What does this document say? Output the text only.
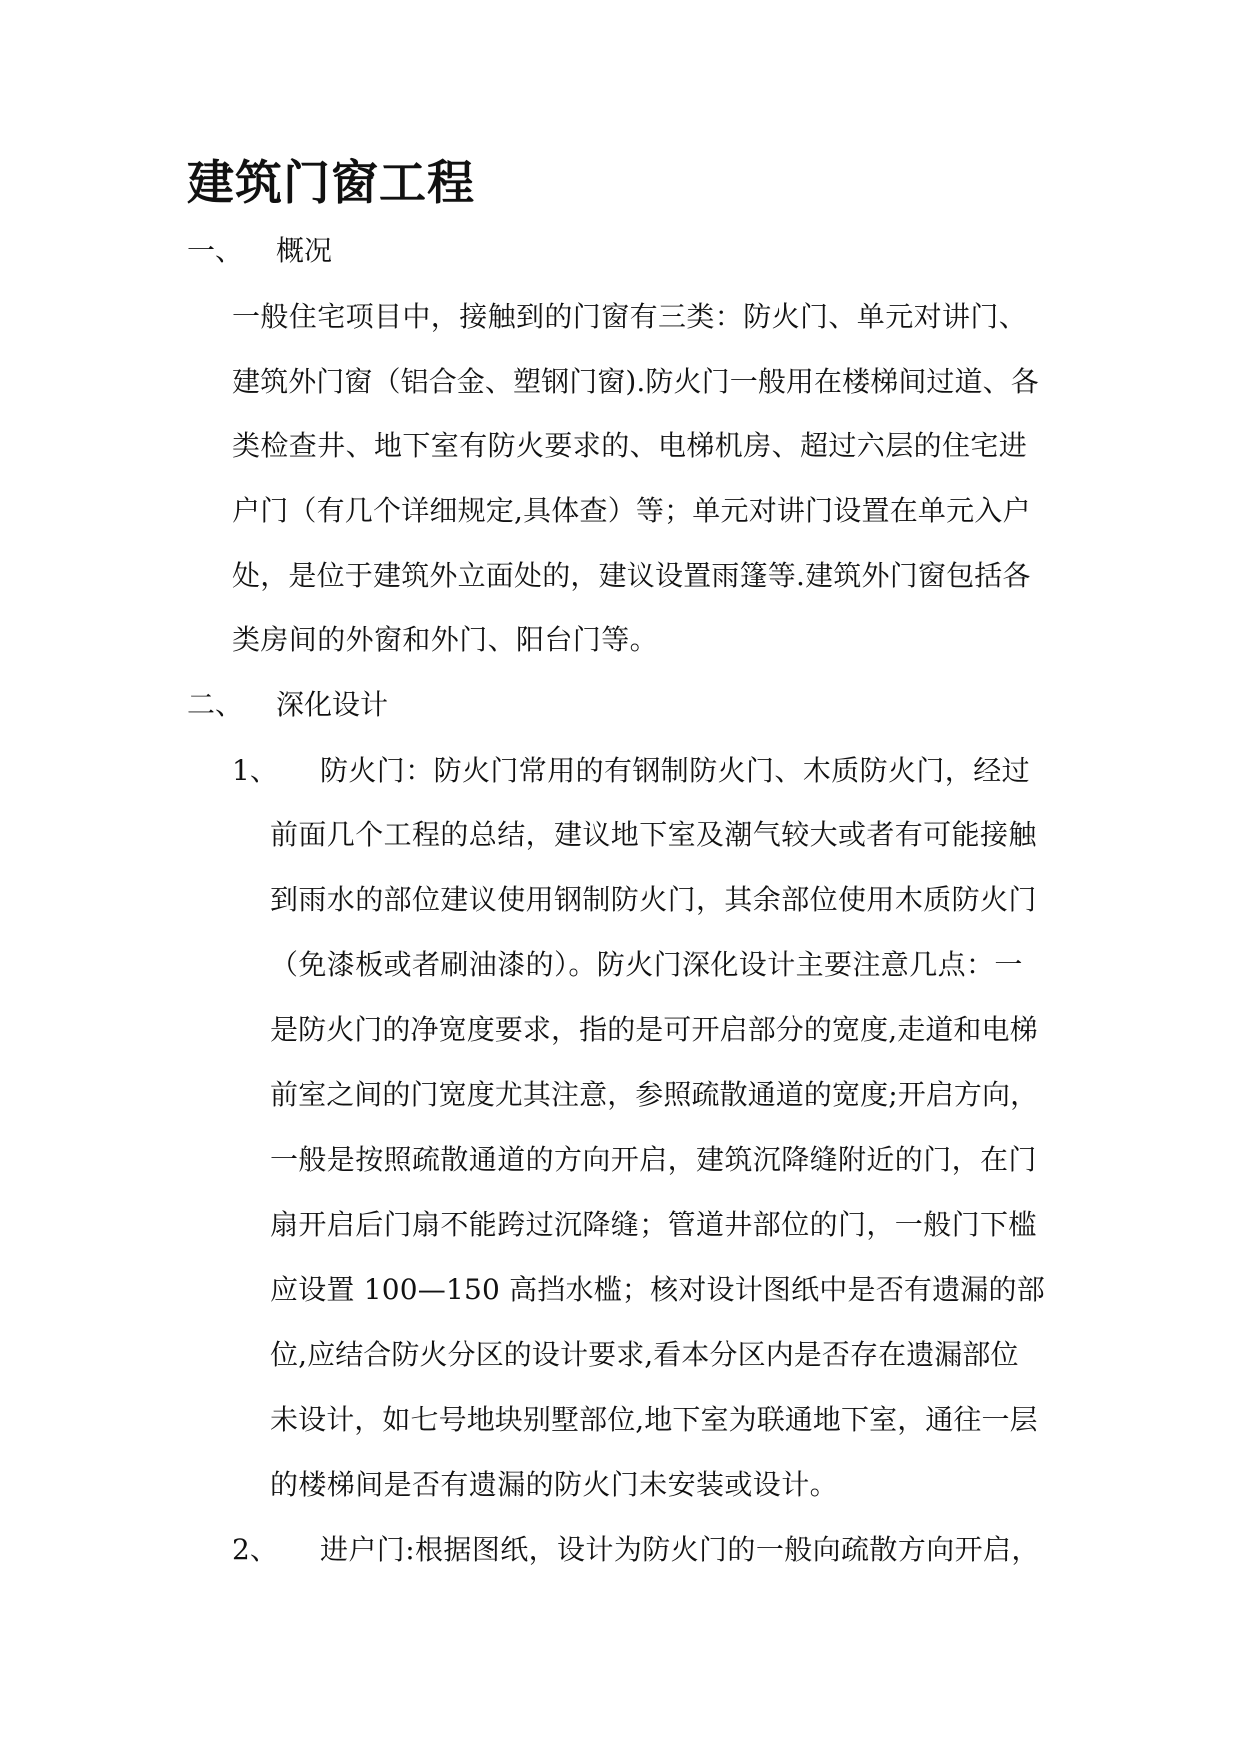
建筑门窗工程
一、 概况
一般住宅项目中，接触到的门窗有三类：防火门、单元对讲门、
建筑外门窗（铝合金、塑钢门窗).防火门一般用在楼梯间过道、各
类检查井、地下室有防火要求的、电梯机房、超过六层的住宅进
户门（有几个详细规定,具体查）等；单元对讲门设置在单元入户
处，是位于建筑外立面处的，建议设置雨篷等.建筑外门窗包括各
类房间的外窗和外门、阳台门等。
二、 深化设计
1、 防火门：防火门常用的有钢制防火门、木质防火门，经过
前面几个工程的总结，建议地下室及潮气较大或者有可能接触
到雨水的部位建议使用钢制防火门，其余部位使用木质防火门
（免漆板或者刷油漆的）。防火门深化设计主要注意几点：一
是防火门的净宽度要求，指的是可开启部分的宽度,走道和电梯
前室之间的门宽度尤其注意，参照疏散通道的宽度;开启方向，
一般是按照疏散通道的方向开启，建筑沉降缝附近的门，在门
扇开启后门扇不能跨过沉降缝；管道井部位的门，一般门下槛
应设置 100—150 高挡水槛；核对设计图纸中是否有遗漏的部
位,应结合防火分区的设计要求,看本分区内是否存在遗漏部位
未设计，如七号地块别墅部位,地下室为联通地下室，通往一层
的楼梯间是否有遗漏的防火门未安装或设计。
2、 进户门:根据图纸，设计为防火门的一般向疏散方向开启，
